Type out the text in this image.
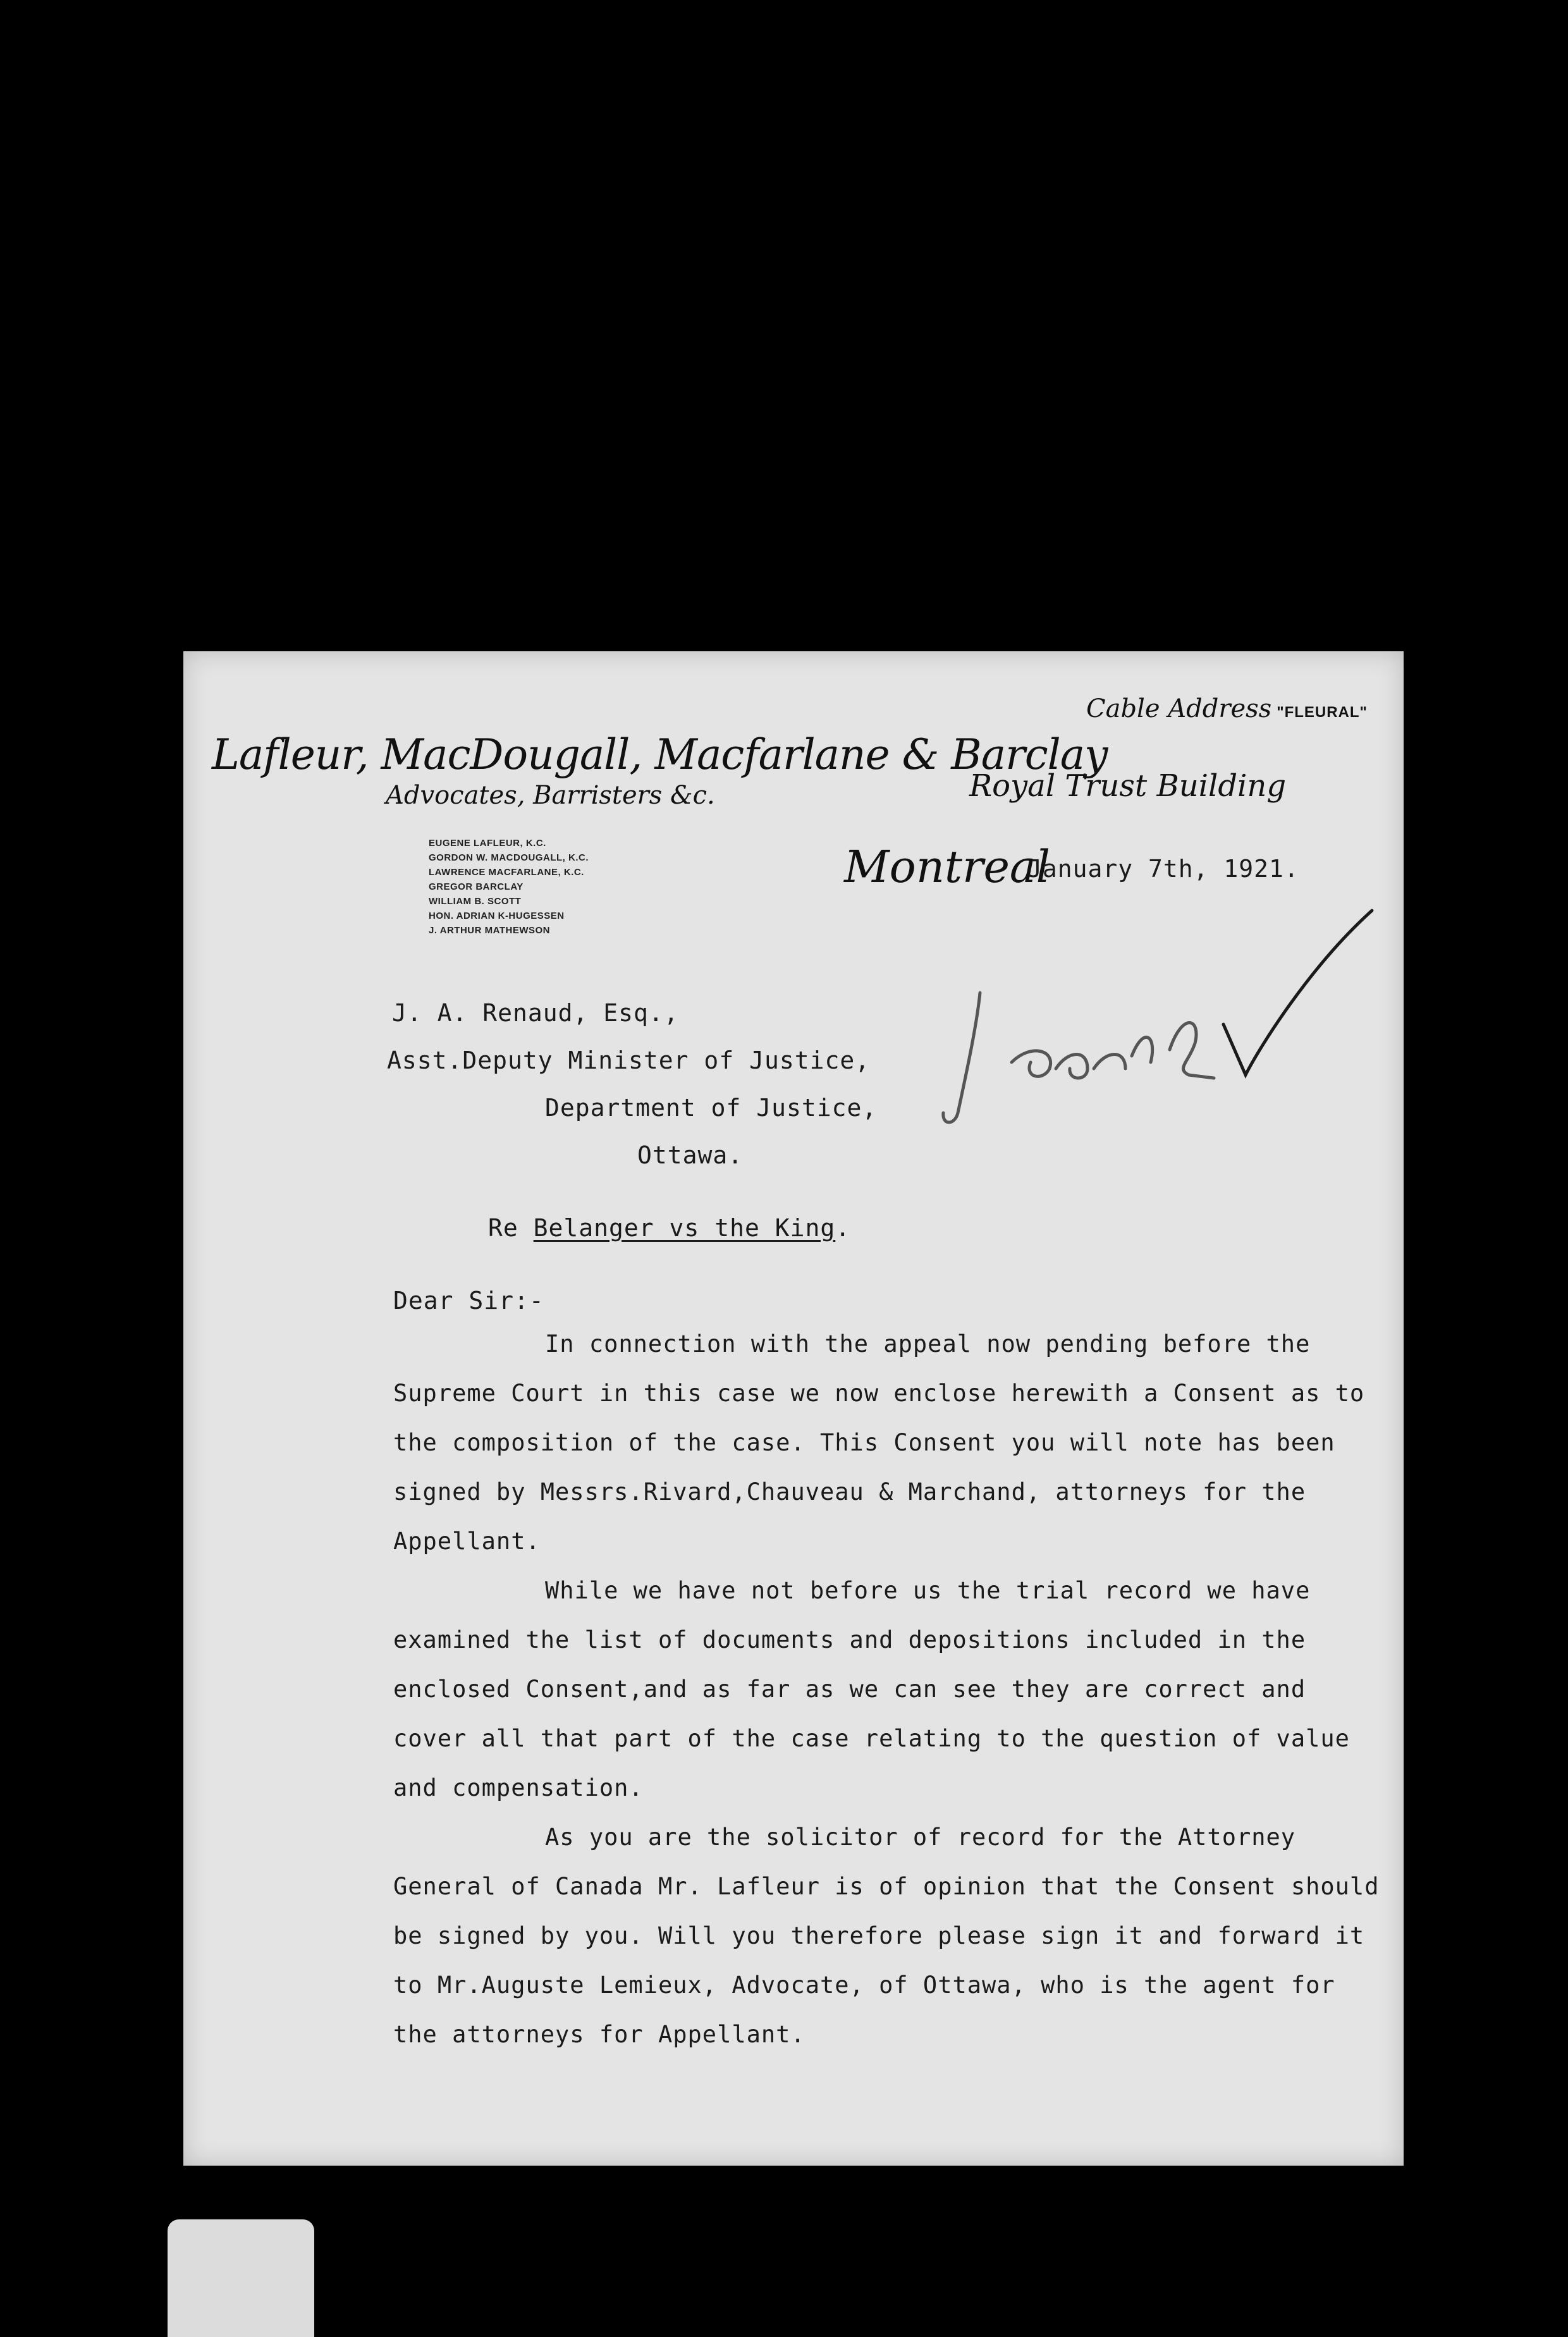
Lafleur, MacDougall, Macfarlane & Barclay
Advocates, Barristers &c.
Cable Address "FLEURAL"
Royal Trust Building
Montreal
EUGENE LAFLEUR, K.C.
GORDON W. MACDOUGALL, K.C.
LAWRENCE MACFARLANE, K.C.
GREGOR BARCLAY
WILLIAM B. SCOTT
HON. ADRIAN K-HUGESSEN
J. ARTHUR MATHEWSON
January 7th, 1921.
J. A. Renaud, Esq.,
Asst.Deputy Minister of Justice,
Department of Justice,
Ottawa.
Re Belanger vs the King.
Dear Sir:-
In connection with the appeal now pending before the Supreme Court in this case we now enclose herewith a Consent as to the composition of the case. This Consent you will note has been signed by Messrs.Rivard,Chauveau & Marchand, attorneys for the Appellant.
While we have not before us the trial record we have examined the list of documents and depositions included in the enclosed Consent,and as far as we can see they are correct and cover all that part of the case relating to the question of value and compensation.
As you are the solicitor of record for the Attorney General of Canada Mr. Lafleur is of opinion that the Consent should be signed by you. Will you therefore please sign it and forward it to Mr.Auguste Lemieux, Advocate, of Ottawa, who is the agent for the attorneys for Appellant.
